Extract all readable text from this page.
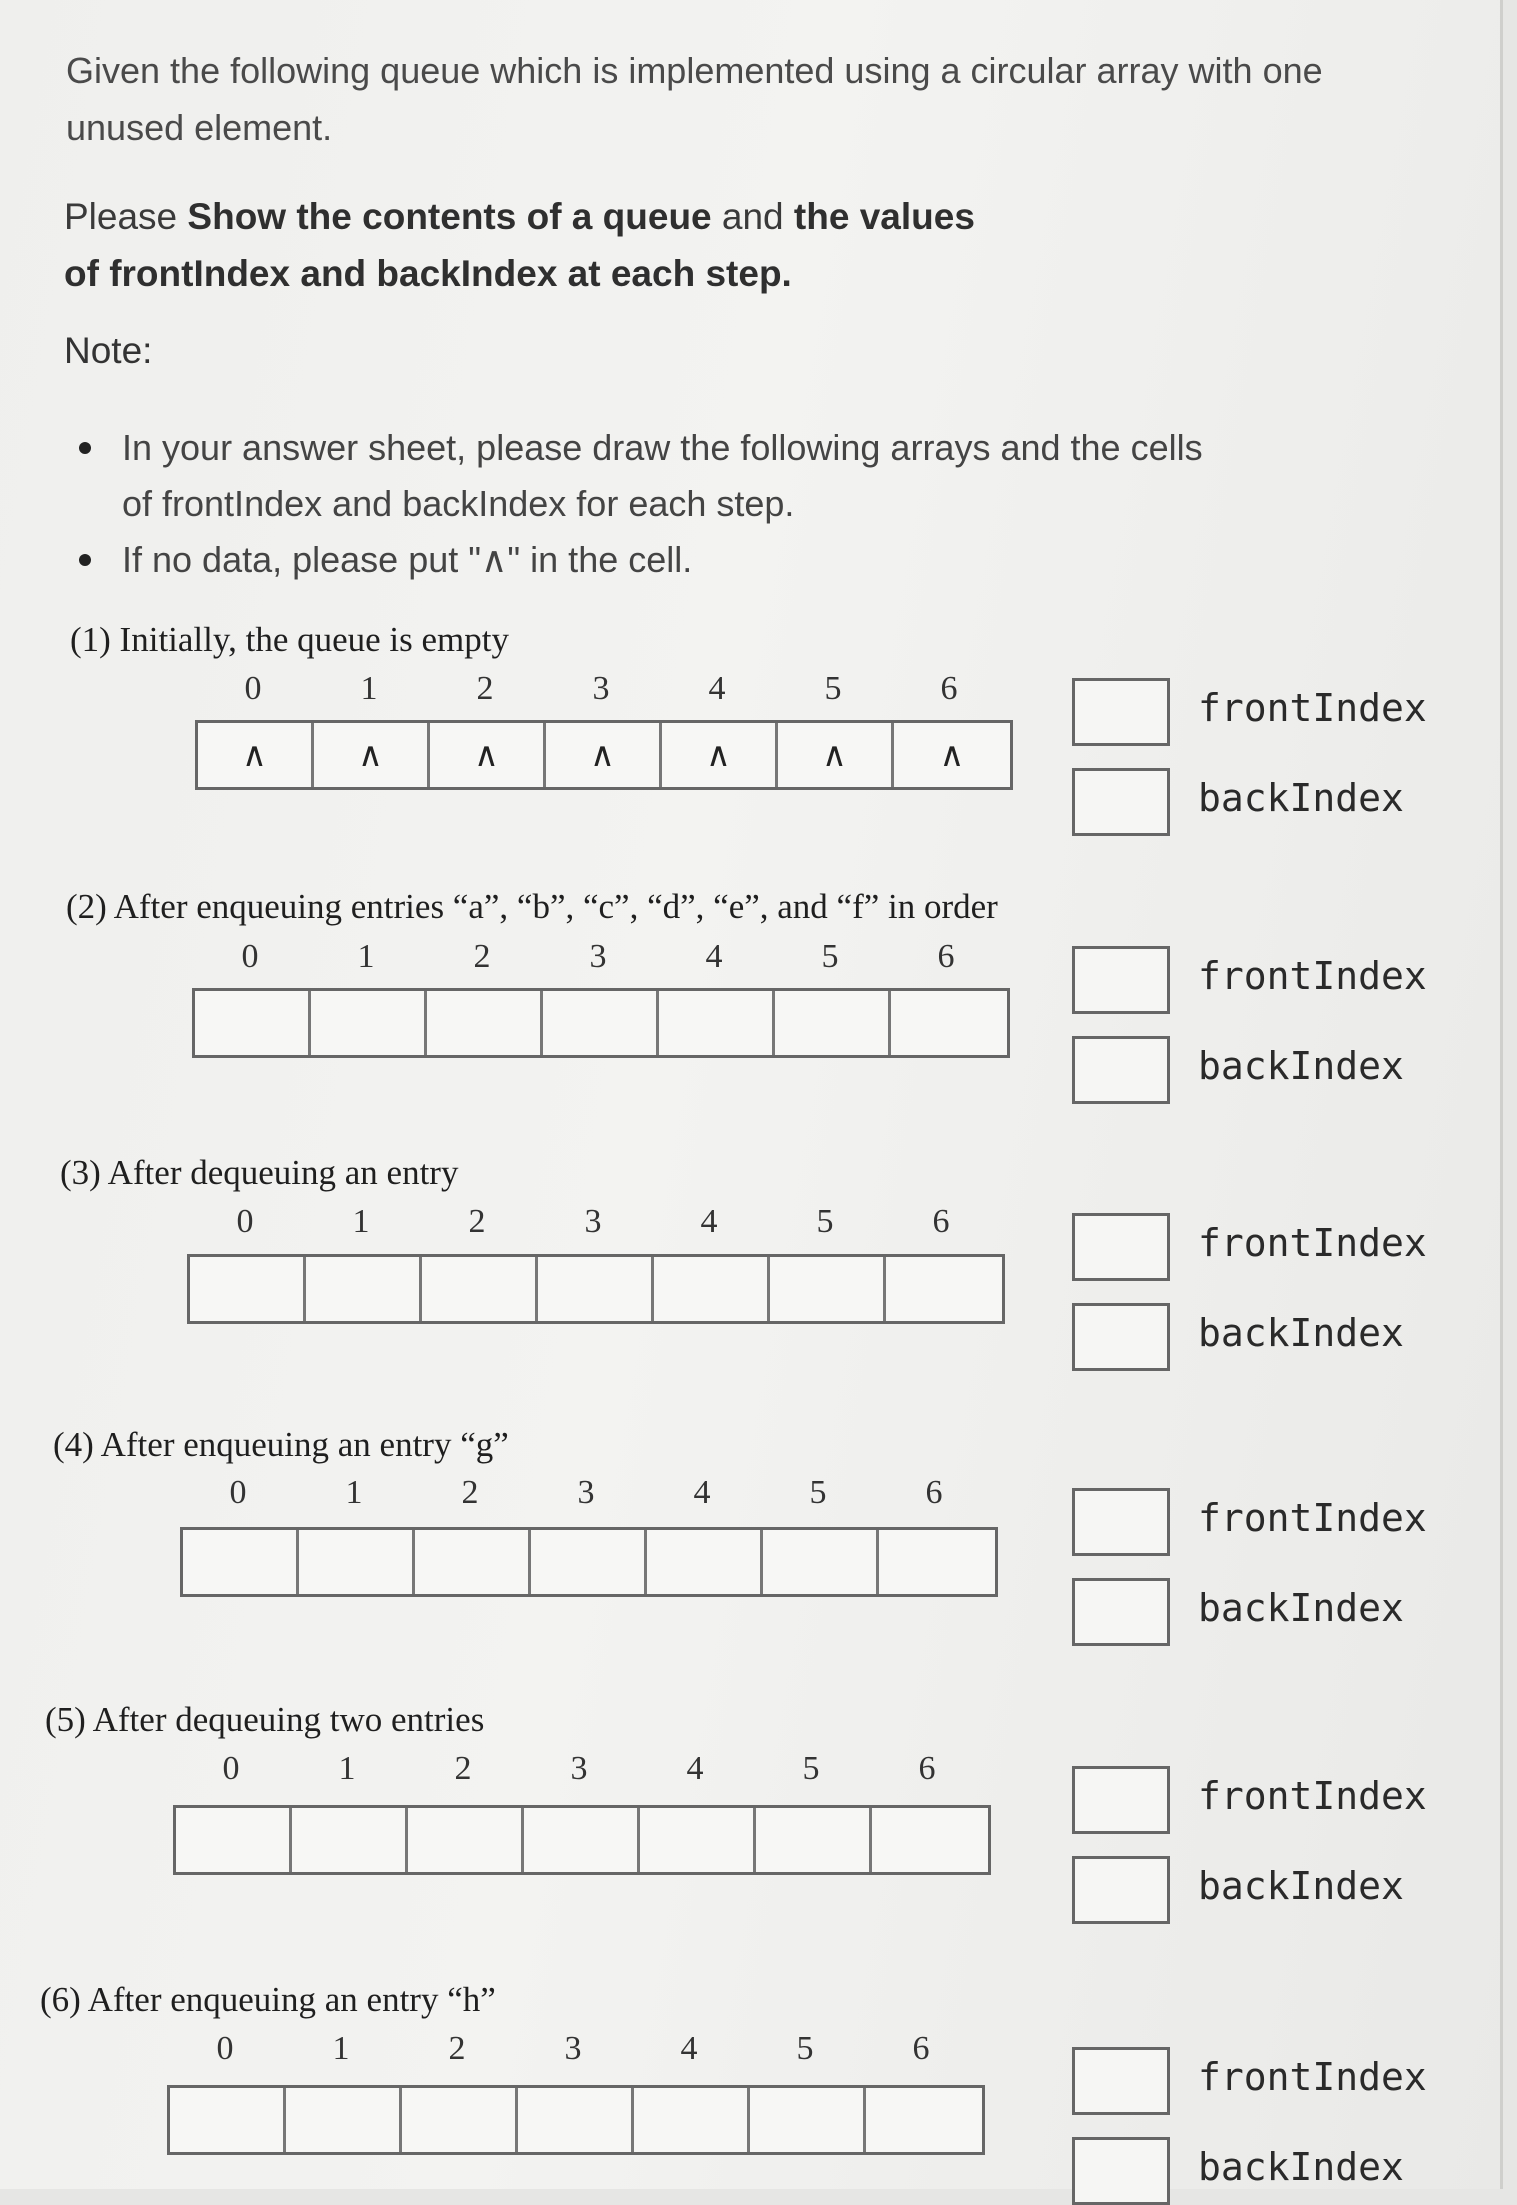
Given the following queue which is implemented using a circular array with one

unused element.

Please Show the contents of a queue and the values
of frontIndex and backIndex at each step.
Note:
In your answer sheet, please draw the following arrays and the cells
of frontIndex and backIndex for each step.
If no data, please put "∧" in the cell.
(1) Initially, the queue is empty
0	1	2	3	4	5	6
∧	∧	∧	∧	∧	∧	∧
frontIndex
backIndex
(2) After enqueuing entries “a”, “b”, “c”, “d”, “e”, and “f” in order
0	1	2	3	4	5	6	frontIndex
backIndex
(3) After dequeuing an entry
0	1	2	3	4	5	6	frontIndex
backIndex
(4) After enqueuing an entry “g”
0	1	2	3	4	5	6
frontIndex
backIndex
(5) After dequeuing two entries
0	1	2	3	4	5	6
frontIndex
backIndex
(6) After enqueuing an entry “h”
0	1	2	3	4	5	6
frontIndex
backIndex
